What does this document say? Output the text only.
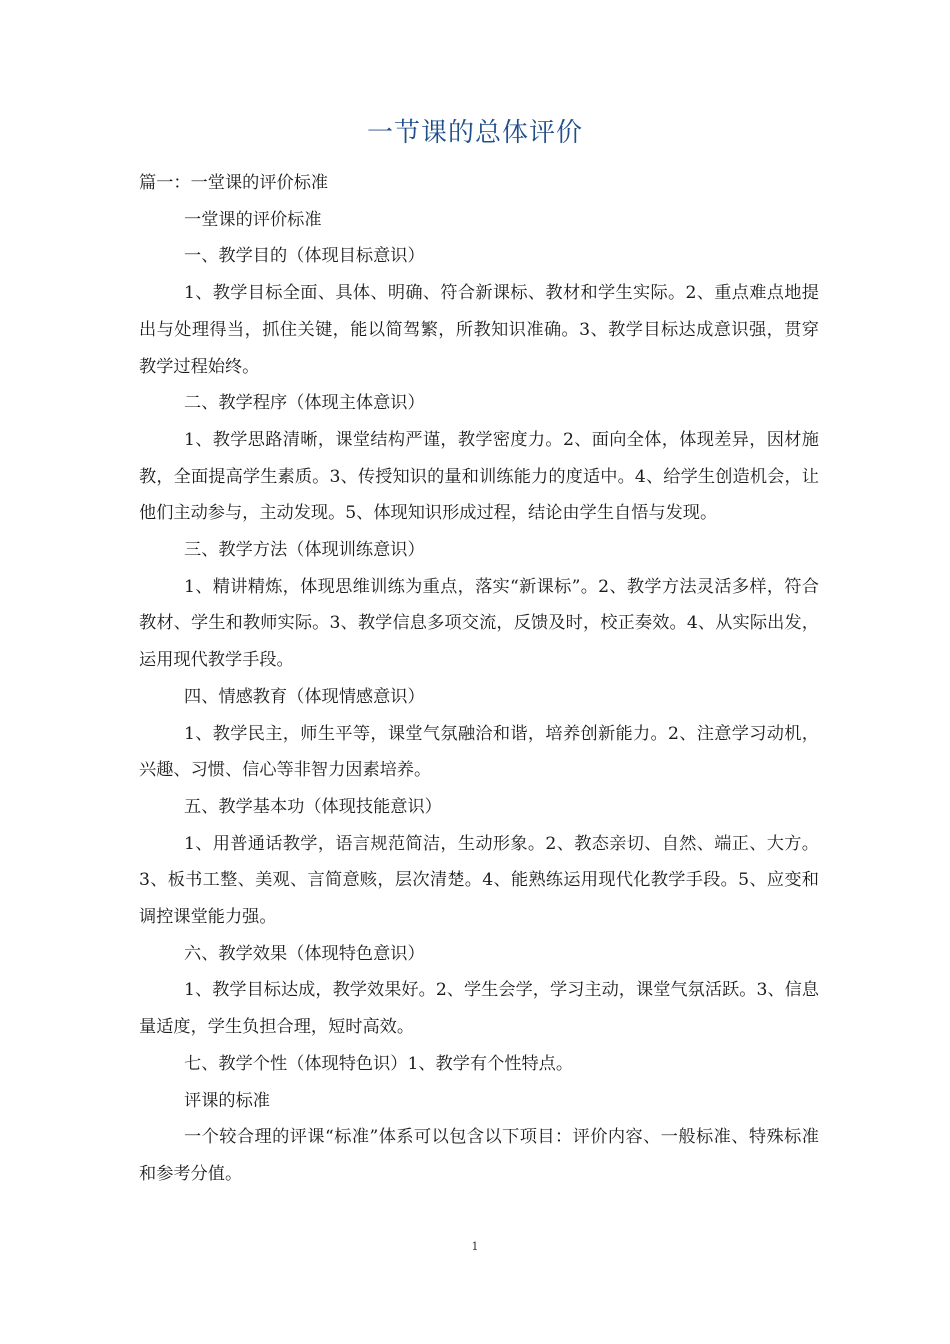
一节课的总体评价

篇一：一堂课的评价标准

一堂课的评价标准

一、教学目的（体现目标意识）

1、教学目标全面、具体、明确、符合新课标、教材和学生实际。2、重点难点地提出与处理得当，抓住关键，能以简驾繁，所教知识准确。3、教学目标达成意识强，贯穿教学过程始终。

二、教学程序（体现主体意识）

1、教学思路清晰，课堂结构严谨，教学密度力。2、面向全体，体现差异，因材施教，全面提高学生素质。3、传授知识的量和训练能力的度适中。4、给学生创造机会，让他们主动参与，主动发现。5、体现知识形成过程，结论由学生自悟与发现。

三、教学方法（体现训练意识）

1、精讲精炼，体现思维训练为重点，落实“新课标”。2、教学方法灵活多样，符合教材、学生和教师实际。3、教学信息多项交流，反馈及时，校正奏效。4、从实际出发，运用现代教学手段。

四、情感教育（体现情感意识）

1、教学民主，师生平等，课堂气氛融洽和谐，培养创新能力。2、注意学习动机，兴趣、习惯、信心等非智力因素培养。

五、教学基本功（体现技能意识）

1、用普通话教学，语言规范简洁，生动形象。2、教态亲切、自然、端正、大方。3、板书工整、美观、言简意赅，层次清楚。4、能熟练运用现代化教学手段。5、应变和调控课堂能力强。

六、教学效果（体现特色意识）

1、教学目标达成，教学效果好。2、学生会学，学习主动，课堂气氛活跃。3、信息量适度，学生负担合理，短时高效。

七、教学个性（体现特色识）1、教学有个性特点。

评课的标准

一个较合理的评课“标准”体系可以包含以下项目：评价内容、一般标准、特殊标准和参考分值。

1
